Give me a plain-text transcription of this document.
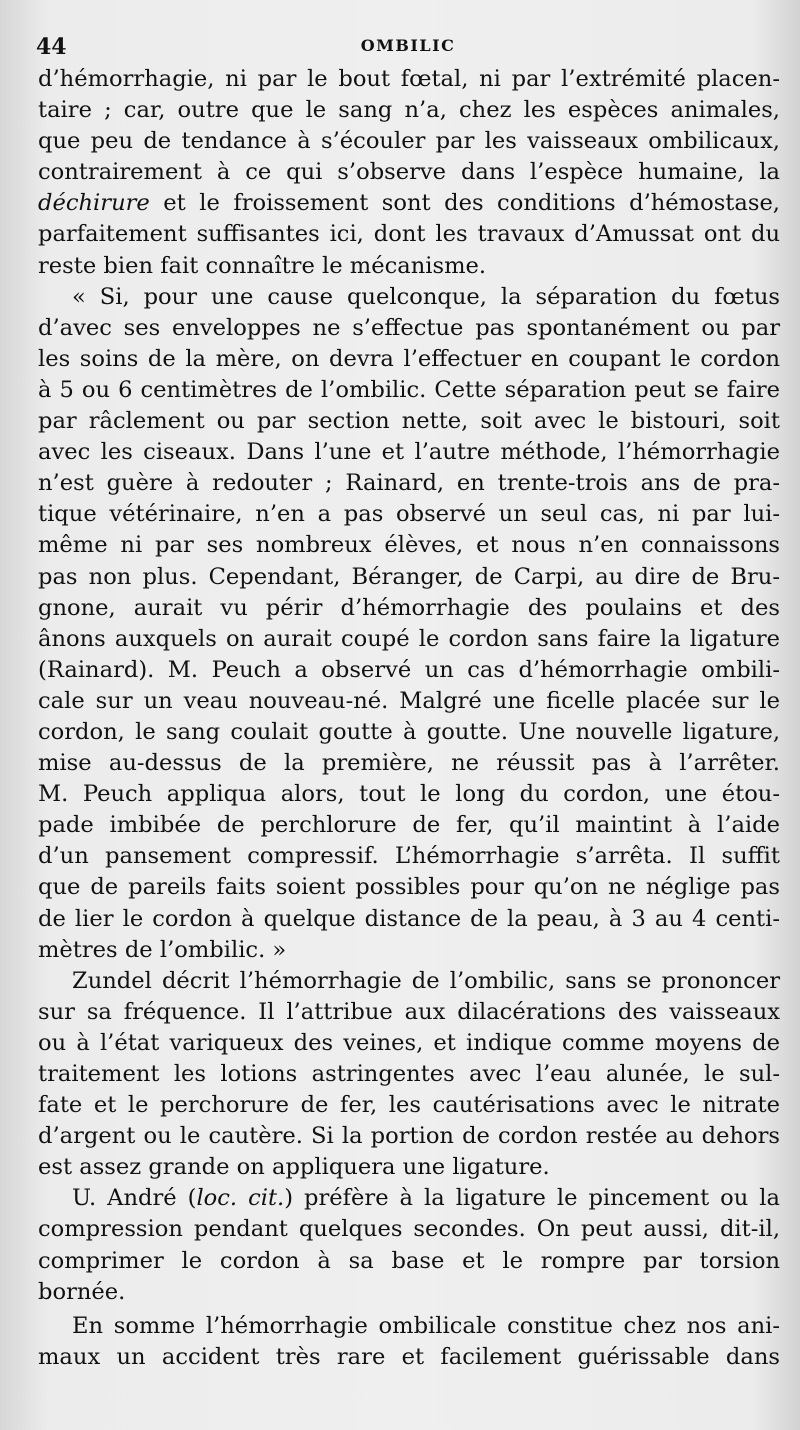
44	OMBILIC
d’hémorrhagie, ni par le bout fœtal, ni par l’extrémité placen-
taire ; car, outre que le sang n’a, chez les espèces animales,
que peu de tendance à s’écouler par les vaisseaux ombilicaux,
contrairement à ce qui s’observe dans l’espèce humaine, la
déchirure et le froissement sont des conditions d’hémostase,
parfaitement suffisantes ici, dont les travaux d’Amussat ont du
reste bien fait connaître le mécanisme.
« Si, pour une cause quelconque, la séparation du fœtus
d’avec ses enveloppes ne s’effectue pas spontanément ou par
les soins de la mère, on devra l’effectuer en coupant le cordon
à 5 ou 6 centimètres de l’ombilic. Cette séparation peut se faire
par râclement ou par section nette, soit avec le bistouri, soit
avec les ciseaux. Dans l’une et l’autre méthode, l’hémorrhagie
n’est guère à redouter ; Rainard, en trente-trois ans de pra-
tique vétérinaire, n’en a pas observé un seul cas, ni par lui-
même ni par ses nombreux élèves, et nous n’en connaissons
pas non plus. Cependant, Béranger, de Carpi, au dire de Bru-
gnone, aurait vu périr d’hémorrhagie des poulains et des
ânons auxquels on aurait coupé le cordon sans faire la ligature
(Rainard). M. Peuch a observé un cas d’hémorrhagie ombili-
cale sur un veau nouveau-né. Malgré une ficelle placée sur le
cordon, le sang coulait goutte à goutte. Une nouvelle ligature,
mise au-dessus de la première, ne réussit pas à l’arrêter.
M. Peuch appliqua alors, tout le long du cordon, une étou-
pade imbibée de perchlorure de fer, qu’il maintint à l’aide
d’un pansement compressif. L’hémorrhagie s’arrêta. Il suffit
que de pareils faits soient possibles pour qu’on ne néglige pas
de lier le cordon à quelque distance de la peau, à 3 au 4 centi-
mètres de l’ombilic. »
Zundel décrit l’hémorrhagie de l’ombilic, sans se prononcer
sur sa fréquence. Il l’attribue aux dilacérations des vaisseaux
ou à l’état variqueux des veines, et indique comme moyens de
traitement les lotions astringentes avec l’eau alunée, le sul-
fate et le perchorure de fer, les cautérisations avec le nitrate
d’argent ou le cautère. Si la portion de cordon restée au dehors
est assez grande on appliquera une ligature.
U. André (loc. cit.) préfère à la ligature le pincement ou la
compression pendant quelques secondes. On peut aussi, dit-il,
comprimer le cordon à sa base et le rompre par torsion
bornée.
En somme l’hémorrhagie ombilicale constitue chez nos ani-
maux un accident très rare et facilement guérissable dans
